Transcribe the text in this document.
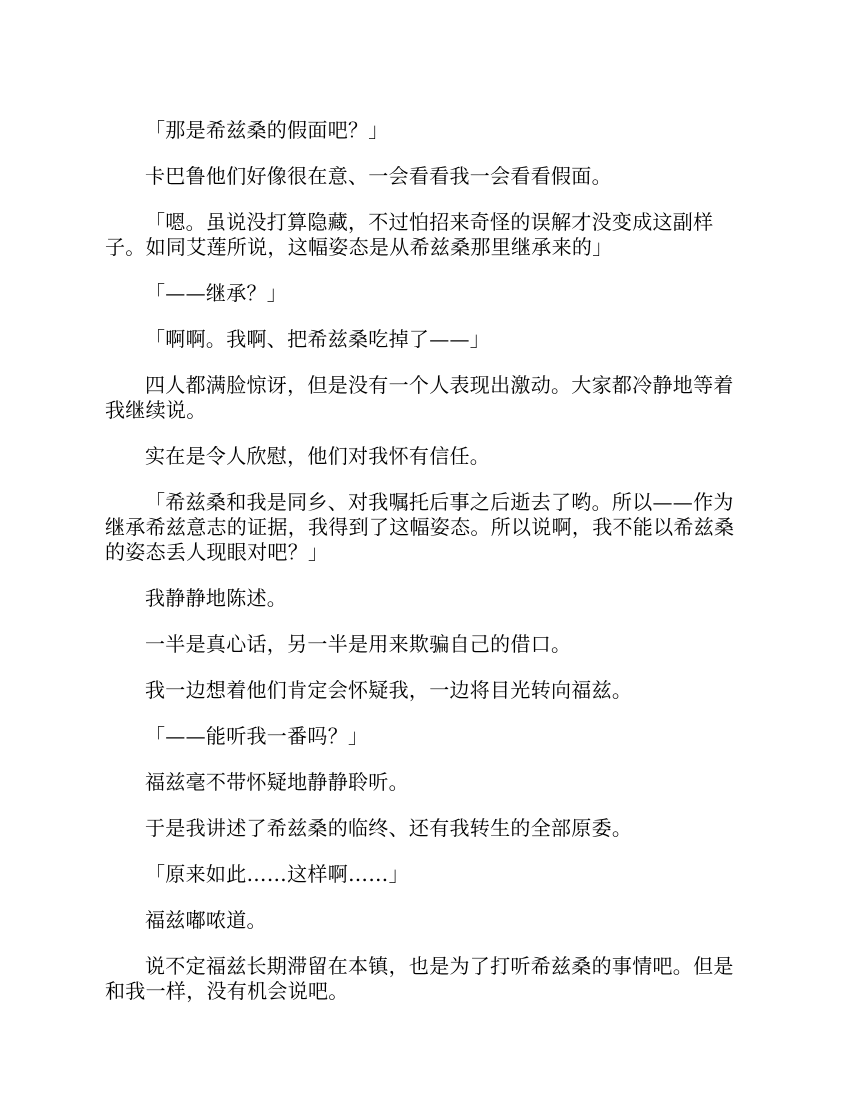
「那是希兹桑的假面吧？」

卡巴鲁他们好像很在意、一会看看我一会看看假面。

「嗯。虽说没打算隐藏，不过怕招来奇怪的误解才没变成这副样子。如同艾莲所说，这幅姿态是从希兹桑那里继承来的」

「——继承？」

「啊啊。我啊、把希兹桑吃掉了——」

四人都满脸惊讶，但是没有一个人表现出激动。大家都冷静地等着我继续说。

实在是令人欣慰，他们对我怀有信任。

「希兹桑和我是同乡、对我嘱托后事之后逝去了哟。所以——作为继承希兹意志的证据，我得到了这幅姿态。所以说啊，我不能以希兹桑的姿态丢人现眼对吧？」

我静静地陈述。

一半是真心话，另一半是用来欺骗自己的借口。

我一边想着他们肯定会怀疑我，一边将目光转向福兹。

「——能听我一番吗？」

福兹毫不带怀疑地静静聆听。

于是我讲述了希兹桑的临终、还有我转生的全部原委。

「原来如此……这样啊……」

福兹嘟哝道。

说不定福兹长期滞留在本镇，也是为了打听希兹桑的事情吧。但是和我一样，没有机会说吧。
